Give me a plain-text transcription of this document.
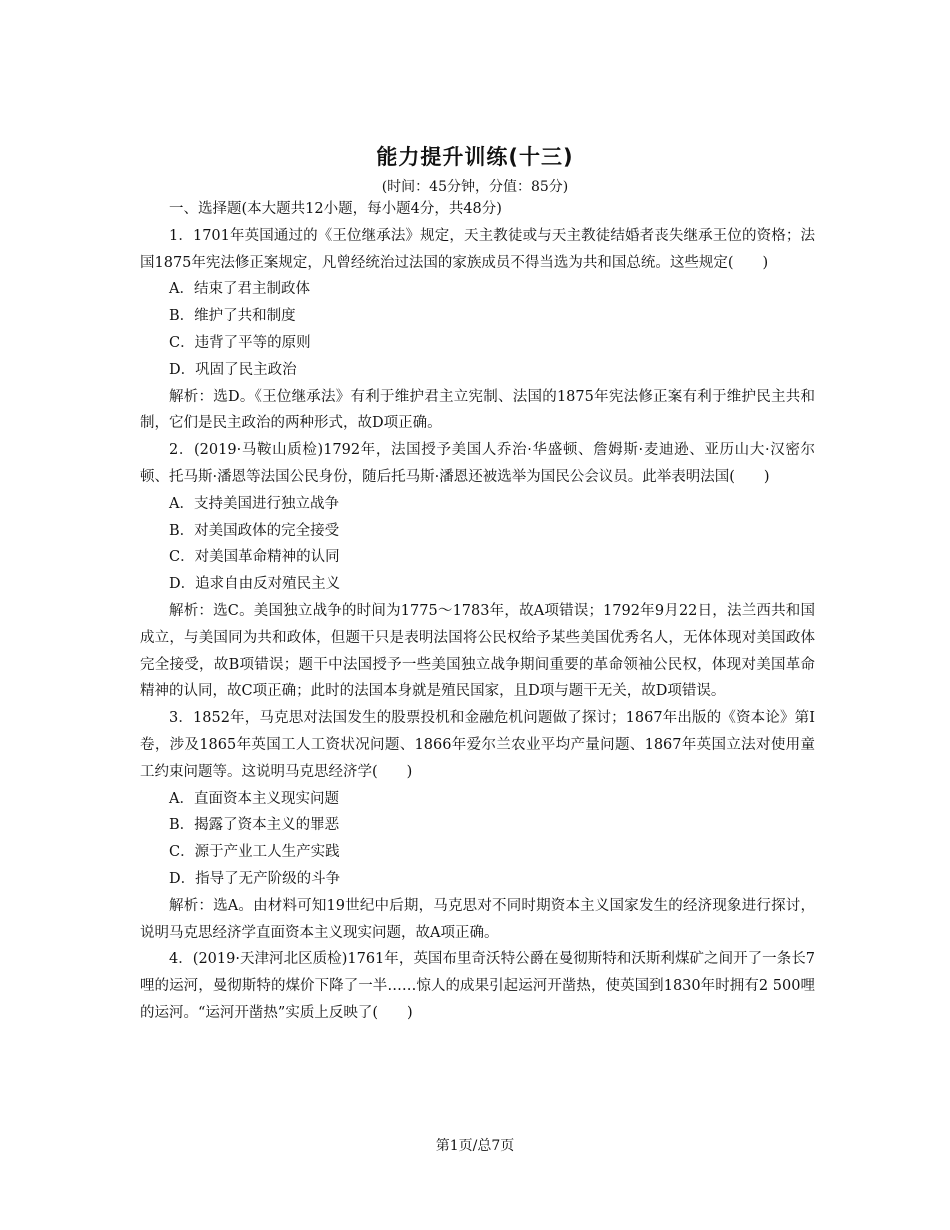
能力提升训练(十三)
(时间：45分钟，分值：85分)

一、选择题(本大题共12小题，每小题4分，共48分)

1．1701年英国通过的《王位继承法》规定，天主教徒或与天主教徒结婚者丧失继承王位的资格；法国1875年宪法修正案规定，凡曾经统治过法国的家族成员不得当选为共和国总统。这些规定(　　)

A．结束了君主制政体

B．维护了共和制度

C．违背了平等的原则

D．巩固了民主政治

解析：选D。《王位继承法》有利于维护君主立宪制、法国的1875年宪法修正案有利于维护民主共和制，它们是民主政治的两种形式，故D项正确。

2．(2019·马鞍山质检)1792年，法国授予美国人乔治·华盛顿、詹姆斯·麦迪逊、亚历山大·汉密尔顿、托马斯·潘恩等法国公民身份，随后托马斯·潘恩还被选举为国民公会议员。此举表明法国(　　)

A．支持美国进行独立战争

B．对美国政体的完全接受

C．对美国革命精神的认同

D．追求自由反对殖民主义

解析：选C。美国独立战争的时间为1775～1783年，故A项错误；1792年9月22日，法兰西共和国成立，与美国同为共和政体，但题干只是表明法国将公民权给予某些美国优秀名人，无体体现对美国政体完全接受，故B项错误；题干中法国授予一些美国独立战争期间重要的革命领袖公民权，体现对美国革命精神的认同，故C项正确；此时的法国本身就是殖民国家，且D项与题干无关，故D项错误。

3．1852年，马克思对法国发生的股票投机和金融危机问题做了探讨；1867年出版的《资本论》第Ⅰ卷，涉及1865年英国工人工资状况问题、1866年爱尔兰农业平均产量问题、1867年英国立法对使用童工约束问题等。这说明马克思经济学(　　)

A．直面资本主义现实问题

B．揭露了资本主义的罪恶

C．源于产业工人生产实践

D．指导了无产阶级的斗争

解析：选A。由材料可知19世纪中后期，马克思对不同时期资本主义国家发生的经济现象进行探讨，说明马克思经济学直面资本主义现实问题，故A项正确。

4．(2019·天津河北区质检)1761年，英国布里奇沃特公爵在曼彻斯特和沃斯利煤矿之间开了一条长7哩的运河，曼彻斯特的煤价下降了一半……惊人的成果引起运河开凿热，使英国到1830年时拥有2 500哩的运河。“运河开凿热”实质上反映了(　　)

第1页/总7页
